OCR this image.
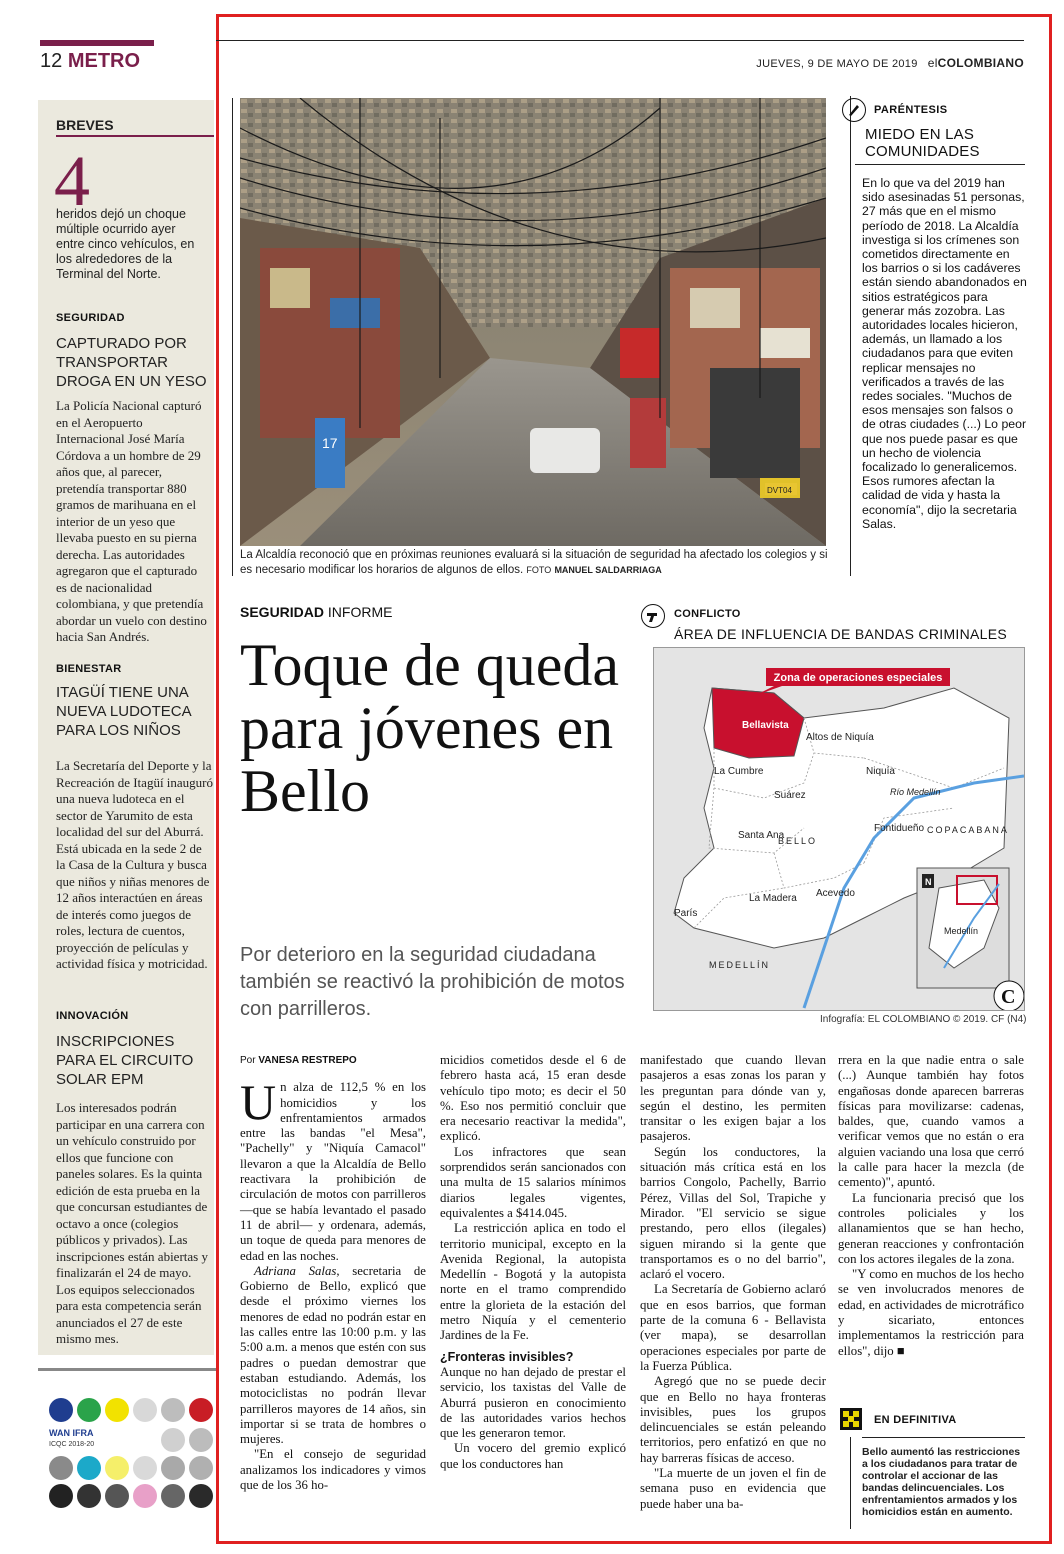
12 METRO	JUEVES, 9 DE MAYO DE 2019 elCOLOMBIANO
BREVES
4
heridos dejó un choque múltiple ocurrido ayer entre cinco vehículos, en los alrededores de la Terminal del Norte.
SEGURIDAD
CAPTURADO POR TRANSPORTAR DROGA EN UN YESO
La Policía Nacional capturó en el Aeropuerto Internacional José María Córdova a un hombre de 29 años que, al parecer, pretendía transportar 880 gramos de marihuana en el interior de un yeso que llevaba puesto en su pierna derecha. Las autoridades agregaron que el capturado es de nacionalidad colombiana, y que pretendía abordar un vuelo con destino hacia San Andrés.
BIENESTAR
ITAGÜÍ TIENE UNA NUEVA LUDOTECA PARA LOS NIÑOS
La Secretaría del Deporte y la Recreación de Itagüí inauguró una nueva ludoteca en el sector de Yarumito de esta localidad del sur del Aburrá. Está ubicada en la sede 2 de la Casa de la Cultura y busca que niños y niñas menores de 12 años interactúen en áreas de interés como juegos de roles, lectura de cuentos, proyección de películas y actividad física y motricidad.
INNOVACIÓN
INSCRIPCIONES PARA EL CIRCUITO SOLAR EPM
Los interesados podrán participar en una carrera con un vehículo construido por ellos que funcione con paneles solares. Es la quinta edición de esta prueba en la que concursan estudiantes de octavo a once (colegios públicos y privados). Las inscripciones están abiertas y finalizarán el 24 de mayo. Los equipos seleccionados para esta competencia serán anunciados el 27 de este mismo mes.
WAN IFRA
ICQC 2018-20
17
DVT04
La Alcaldía reconoció que en próximas reuniones evaluará si la situación de seguridad ha afectado los colegios y si es necesario modificar los horarios de algunos de ellos. FOTO MANUEL SALDARRIAGA
PARÉNTESIS
MIEDO EN LAS COMUNIDADES
En lo que va del 2019 han sido asesinadas 51 personas, 27 más que en el mismo período de 2018. La Alcaldía investiga si los crímenes son cometidos directamente en los barrios o si los cadáveres están siendo abandonados en sitios estratégicos para generar más zozobra. Las autoridades locales hicieron, además, un llamado a los ciudadanos para que eviten replicar mensajes no verificados a través de las redes sociales. "Muchos de esos mensajes son falsos o de otras ciudades (...) Lo peor que nos puede pasar es que un hecho de violencia focalizado lo generalicemos. Esos rumores afectan la calidad de vida y hasta la economía", dijo la secretaria Salas.
SEGURIDAD INFORME
Toque de queda para jóvenes en Bello
Por deterioro en la seguridad ciudadana también se reactivó la prohibición de motos con parrilleros.
CONFLICTO
ÁREA DE INFLUENCIA DE BANDAS CRIMINALES
Zona de operaciones especiales
Bellavista
Altos de Niquía
La Cumbre	Niquía
Río Medellín
Suárez
Fontidueño COPACABANA
Santa Ana
BELLO
La Madera Acevedo
París
MEDELLÍN
N
Medellín
C
Infografía: EL COLOMBIANO © 2019. CF (N4)
Por VANESA RESTREPO

Un alza de 112,5 % en los homicidios y los enfrentamientos armados entre las bandas "el Mesa", "Pachelly" y "Niquía Camacol" llevaron a que la Alcaldía de Bello reactivara la prohibición de circulación de motos con parrilleros —que se había levantado el pasado 11 de abril— y ordenara, además, un toque de queda para menores de edad en las noches.

Adriana Salas, secretaria de Gobierno de Bello, explicó que desde el próximo viernes los menores de edad no podrán estar en las calles entre las 10:00 p.m. y las 5:00 a.m. a menos que estén con sus padres o puedan demostrar que estaban estudiando. Además, los motociclistas no podrán llevar parrilleros mayores de 14 años, sin importar si se trata de hombres o mujeres.

"En el consejo de seguridad analizamos los indicadores y vimos que de los 36 ho-

micidios cometidos desde el 6 de febrero hasta acá, 15 eran desde vehículo tipo moto; es decir el 50 %. Eso nos permitió concluir que era necesario reactivar la medida", explicó.

Los infractores que sean sorprendidos serán sancionados con una multa de 15 salarios mínimos diarios legales vigentes, equivalentes a $414.045.

La restricción aplica en todo el territorio municipal, excepto en la Avenida Regional, la autopista Medellín - Bogotá y la autopista norte en el tramo comprendido entre la glorieta de la estación del metro Niquía y el cementerio Jardines de la Fe.

¿Fronteras invisibles?

Aunque no han dejado de prestar el servicio, los taxistas del Valle de Aburrá pusieron en conocimiento de las autoridades varios hechos que les generaron temor.

Un vocero del gremio explicó que los conductores han

manifestado que cuando llevan pasajeros a esas zonas los paran y les preguntan para dónde van y, según el destino, les permiten transitar o les exigen bajar a los pasajeros.

Según los conductores, la situación más crítica está en los barrios Congolo, Pachelly, Barrio Pérez, Villas del Sol, Trapiche y Mirador. "El servicio se sigue prestando, pero ellos (ilegales) siguen mirando si la gente que transportamos es o no del barrio", aclaró el vocero.

La Secretaría de Gobierno aclaró que en esos barrios, que forman parte de la comuna 6 - Bellavista (ver mapa), se desarrollan operaciones especiales por parte de la Fuerza Pública.

Agregó que no se puede decir que en Bello no haya fronteras invisibles, pues los grupos delincuenciales se están peleando territorios, pero enfatizó en que no hay barreras físicas de acceso.

"La muerte de un joven el fin de semana puso en evidencia que puede haber una ba-

rrera en la que nadie entra o sale (...) Aunque también hay fotos engañosas donde aparecen barreras físicas para movilizarse: cadenas, baldes, que, cuando vamos a verificar vemos que no están o era alguien vaciando una losa que cerró la calle para hacer la mezcla (de cemento)", apuntó.

La funcionaria precisó que los controles policiales y los allanamientos que se han hecho, generan reacciones y confrontación con los actores ilegales de la zona.

"Y como en muchos de los hecho se ven involucrados menores de edad, en actividades de microtráfico y sicariato, entonces implementamos la restricción para ellos", dijo ■

EN DEFINITIVA
Bello aumentó las restricciones a los ciudadanos para tratar de controlar el accionar de las bandas delincuenciales. Los enfrentamientos armados y los homicidios están en aumento.
